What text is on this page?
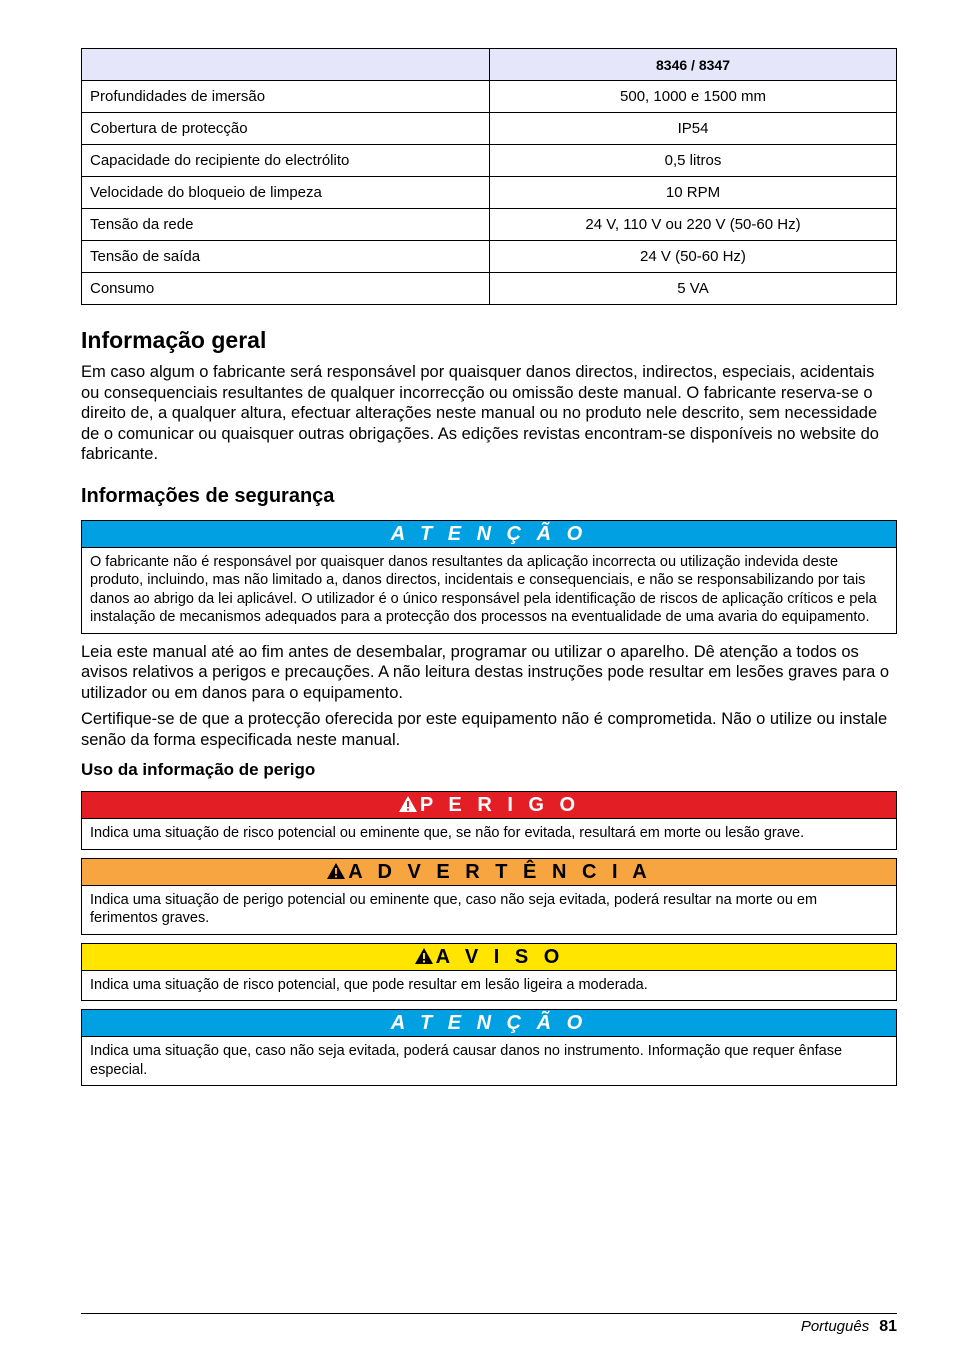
	8346 / 8347
Profundidades de imersão	500, 1000 e 1500 mm
Cobertura de protecção	IP54
Capacidade do recipiente do electrólito	0,5 litros
Velocidade do bloqueio de limpeza	10 RPM
Tensão da rede	24 V, 110 V ou 220 V (50-60 Hz)
Tensão de saída	24 V (50-60 Hz)
Consumo	5 VA
Informação geral

Em caso algum o fabricante será responsável por quaisquer danos directos, indirectos, especiais, acidentais ou consequenciais resultantes de qualquer incorrecção ou omissão deste manual. O fabricante reserva-se o direito de, a qualquer altura, efectuar alterações neste manual ou no produto nele descrito, sem necessidade de o comunicar ou quaisquer outras obrigações. As edições revistas encontram-se disponíveis no website do fabricante.

Informações de segurança
A T E N Ç Ã O
O fabricante não é responsável por quaisquer danos resultantes da aplicação incorrecta ou utilização indevida deste produto, incluindo, mas não limitado a, danos directos, incidentais e consequenciais, e não se responsabilizando por tais danos ao abrigo da lei aplicável. O utilizador é o único responsável pela identificação de riscos de aplicação críticos e pela instalação de mecanismos adequados para a protecção dos processos na eventualidade de uma avaria do equipamento.

Leia este manual até ao fim antes de desembalar, programar ou utilizar o aparelho. Dê atenção a todos os avisos relativos a perigos e precauções. A não leitura destas instruções pode resultar em lesões graves para o utilizador ou em danos para o equipamento.

Certifique-se de que a protecção oferecida por este equipamento não é comprometida. Não o utilize ou instale senão da forma especificada neste manual.

Uso da informação de perigo
P E R I G O
Indica uma situação de risco potencial ou eminente que, se não for evitada, resultará em morte ou lesão grave.
A D V E R T Ê N C I A
Indica uma situação de perigo potencial ou eminente que, caso não seja evitada, poderá resultar na morte ou em ferimentos graves.
A V I S O
Indica uma situação de risco potencial, que pode resultar em lesão ligeira a moderada.
A T E N Ç Ã O
Indica uma situação que, caso não seja evitada, poderá causar danos no instrumento. Informação que requer ênfase especial.
Português 81
